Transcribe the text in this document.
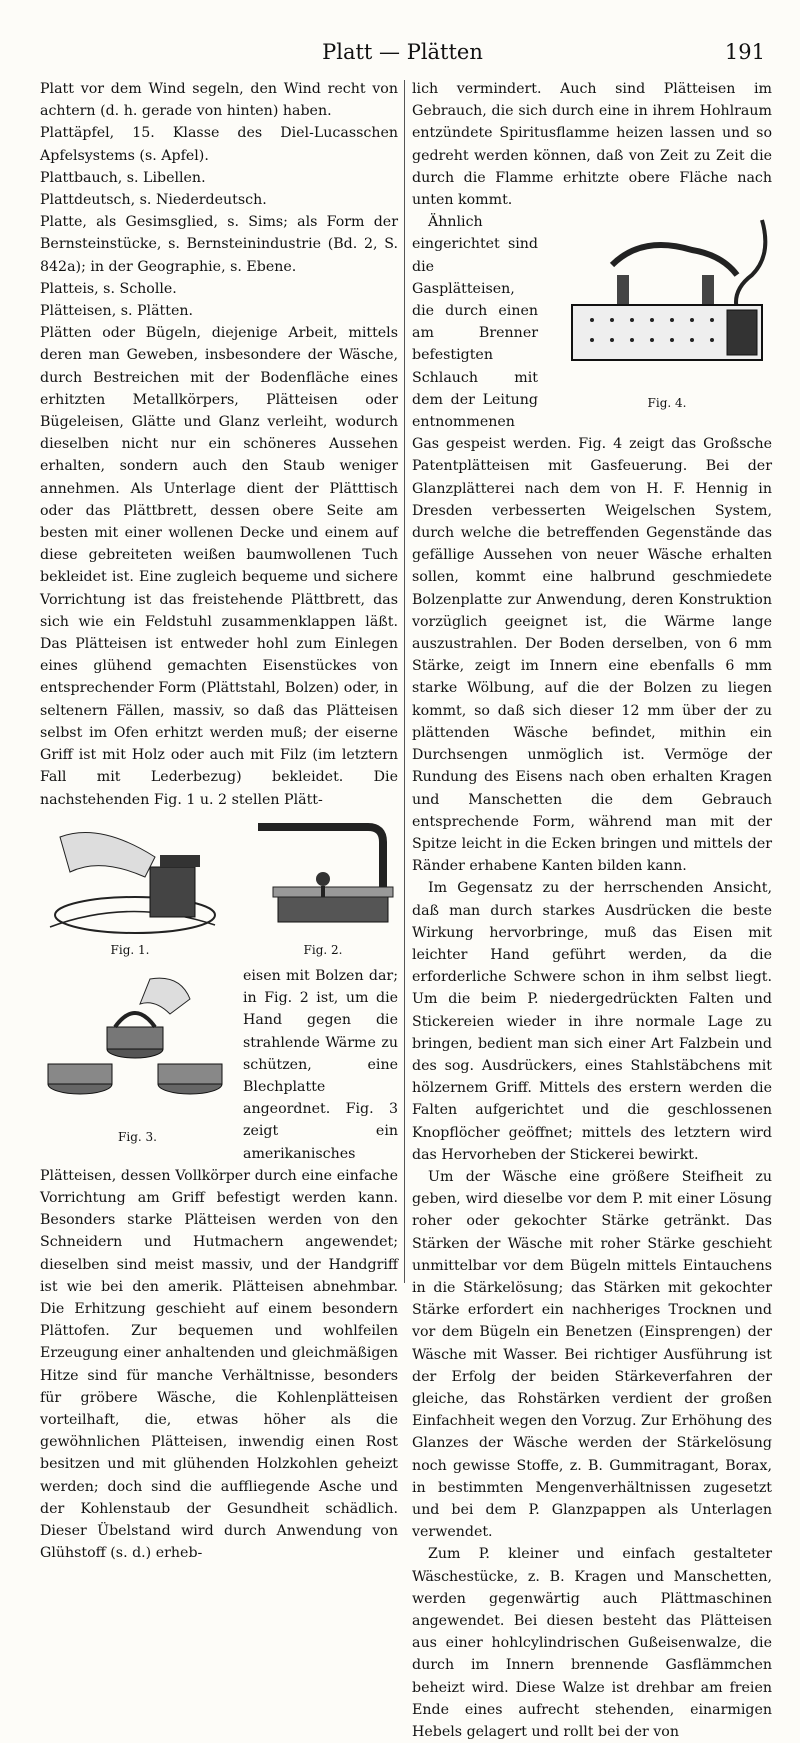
Platt — Plätten	191

Platt vor dem Wind segeln, den Wind recht von achtern (d. h. gerade von hinten) haben.

Plattäpfel, 15. Klasse des Diel-Lucasschen Apfelsystems (s. Apfel).

Plattbauch, s. Libellen.

Plattdeutsch, s. Niederdeutsch.

Platte, als Gesimsglied, s. Sims; als Form der Bernsteinstücke, s. Bernsteinindustrie (Bd. 2, S. 842a); in der Geographie, s. Ebene.

Platteis, s. Scholle.

Plätteisen, s. Plätten.

Plätten oder Bügeln, diejenige Arbeit, mittels deren man Geweben, insbesondere der Wäsche, durch Bestreichen mit der Bodenfläche eines erhitzten Metallkörpers, Plätteisen oder Bügeleisen, Glätte und Glanz verleiht, wodurch dieselben nicht nur ein schöneres Aussehen erhalten, sondern auch den Staub weniger annehmen. Als Unterlage dient der Plätttisch oder das Plättbrett, dessen obere Seite am besten mit einer wollenen Decke und einem auf diese gebreiteten weißen baumwollenen Tuch bekleidet ist. Eine zugleich bequeme und sichere Vorrichtung ist das freistehende Plättbrett, das sich wie ein Feldstuhl zusammenklappen läßt. Das Plätteisen ist entweder hohl zum Einlegen eines glühend gemachten Eisenstückes von entsprechender Form (Plättstahl, Bolzen) oder, in seltenern Fällen, massiv, so daß das Plätteisen selbst im Ofen erhitzt werden muß; der eiserne Griff ist mit Holz oder auch mit Filz (im letztern Fall mit Lederbezug) bekleidet. Die nachstehenden Fig. 1 u. 2 stellen Plätt-

Fig. 1.	Fig. 2.

Fig. 3.
eisen mit Bolzen dar; in Fig. 2 ist, um die Hand gegen die strahlende Wärme zu schützen, eine Blechplatte angeordnet. Fig. 3 zeigt ein amerikanisches Plätteisen, dessen Vollkörper durch eine einfache Vorrichtung am Griff befestigt werden kann. Besonders starke Plätteisen werden von den Schneidern und Hutmachern angewendet; dieselben sind meist massiv, und der Handgriff ist wie bei den amerik. Plätteisen abnehmbar. Die Erhitzung geschieht auf einem besondern Plättofen. Zur bequemen und wohlfeilen Erzeugung einer anhaltenden und gleichmäßigen Hitze sind für manche Verhältnisse, besonders für gröbere Wäsche, die Kohlenplätteisen vorteilhaft, die, etwas höher als die gewöhnlichen Plätteisen, inwendig einen Rost besitzen und mit glühenden Holzkohlen geheizt werden; doch sind die auffliegende Asche und der Kohlenstaub der Gesundheit schädlich. Dieser Übelstand wird durch Anwendung von Glühstoff (s. d.) erheb-

lich vermindert. Auch sind Plätteisen im Gebrauch, die sich durch eine in ihrem Hohlraum entzündete Spiritusflamme heizen lassen und so gedreht werden können, daß von Zeit zu Zeit die durch die Flamme erhitzte obere Fläche nach unten kommt.

Fig. 4.
Ähnlich eingerichtet sind die Gasplätteisen, die durch einen am Brenner befestigten Schlauch mit dem der Leitung entnommenen Gas gespeist werden. Fig. 4 zeigt das Großsche Patentplätteisen mit Gasfeuerung. Bei der Glanzplätterei nach dem von H. F. Hennig in Dresden verbesserten Weigelschen System, durch welche die betreffenden Gegenstände das gefällige Aussehen von neuer Wäsche erhalten sollen, kommt eine halbrund geschmiedete Bolzenplatte zur Anwendung, deren Konstruktion vorzüglich geeignet ist, die Wärme lange auszustrahlen. Der Boden derselben, von 6 mm Stärke, zeigt im Innern eine ebenfalls 6 mm starke Wölbung, auf die der Bolzen zu liegen kommt, so daß sich dieser 12 mm über der zu plättenden Wäsche befindet, mithin ein Durchsengen unmöglich ist. Vermöge der Rundung des Eisens nach oben erhalten Kragen und Manschetten die dem Gebrauch entsprechende Form, während man mit der Spitze leicht in die Ecken bringen und mittels der Ränder erhabene Kanten bilden kann.

Im Gegensatz zu der herrschenden Ansicht, daß man durch starkes Ausdrücken die beste Wirkung hervorbringe, muß das Eisen mit leichter Hand geführt werden, da die erforderliche Schwere schon in ihm selbst liegt. Um die beim P. niedergedrückten Falten und Stickereien wieder in ihre normale Lage zu bringen, bedient man sich einer Art Falzbein und des sog. Ausdrückers, eines Stahlstäbchens mit hölzernem Griff. Mittels des erstern werden die Falten aufgerichtet und die geschlossenen Knopflöcher geöffnet; mittels des letztern wird das Hervorheben der Stickerei bewirkt.

Um der Wäsche eine größere Steifheit zu geben, wird dieselbe vor dem P. mit einer Lösung roher oder gekochter Stärke getränkt. Das Stärken der Wäsche mit roher Stärke geschieht unmittelbar vor dem Bügeln mittels Eintauchens in die Stärkelösung; das Stärken mit gekochter Stärke erfordert ein nachheriges Trocknen und vor dem Bügeln ein Benetzen (Einsprengen) der Wäsche mit Wasser. Bei richtiger Ausführung ist der Erfolg der beiden Stärkeverfahren der gleiche, das Rohstärken verdient der großen Einfachheit wegen den Vorzug. Zur Erhöhung des Glanzes der Wäsche werden der Stärkelösung noch gewisse Stoffe, z. B. Gummitragant, Borax, in bestimmten Mengenverhältnissen zugesetzt und bei dem P. Glanzpappen als Unterlagen verwendet.

Zum P. kleiner und einfach gestalteter Wäschestücke, z. B. Kragen und Manschetten, werden gegenwärtig auch Plättmaschinen angewendet. Bei diesen besteht das Plätteisen aus einer hohlcylindrischen Gußeisenwalze, die durch im Innern brennende Gasflämmchen beheizt wird. Diese Walze ist drehbar am freien Ende eines aufrecht stehenden, einarmigen Hebels gelagert und rollt bei der von
